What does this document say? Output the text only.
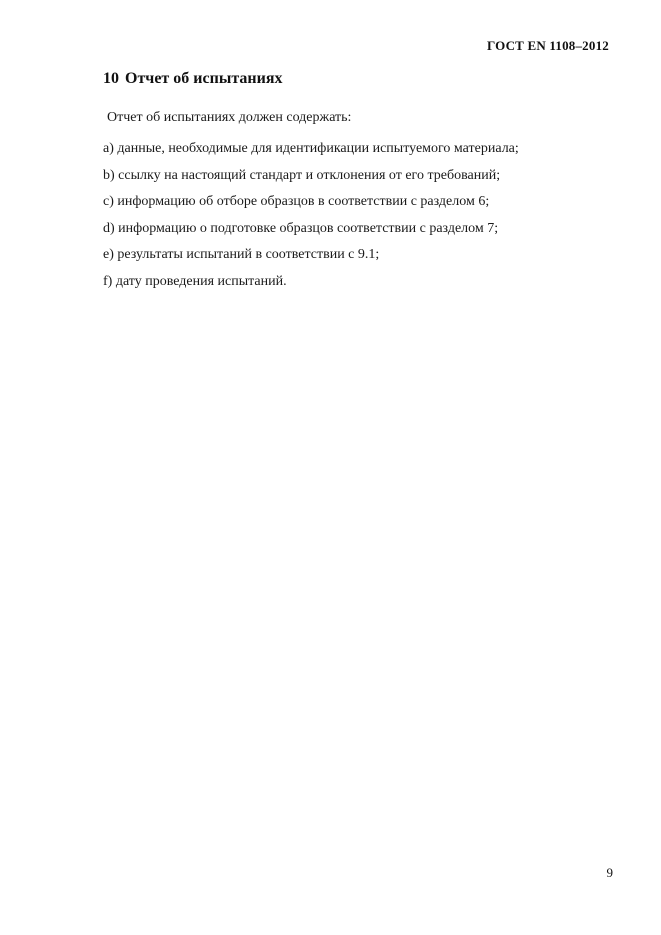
ГОСТ EN 1108–2012
10 Отчет об испытаниях
Отчет об испытаниях должен содержать:
a) данные, необходимые для идентификации испытуемого материала;
b) ссылку на настоящий стандарт и отклонения от его требований;
c) информацию об отборе образцов в соответствии с разделом 6;
d) информацию о подготовке образцов соответствии с разделом 7;
e) результаты испытаний в соответствии с 9.1;
f) дату проведения испытаний.
9
